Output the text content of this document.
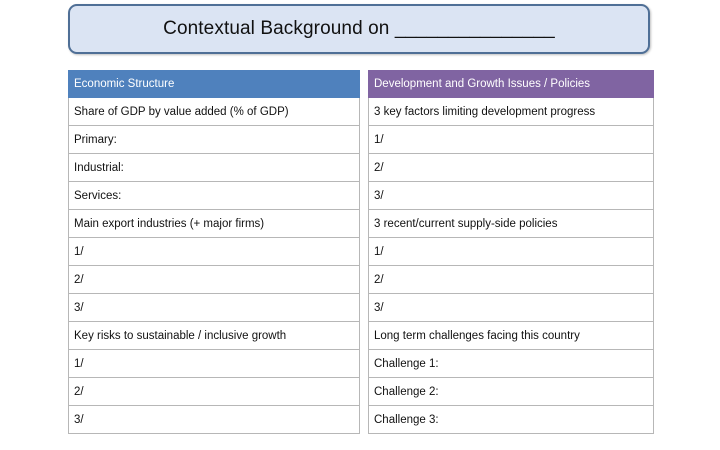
Contextual Background on _______________
Economic Structure	Development and Growth Issues / Policies
Share of GDP by value added (% of GDP)	3 key factors limiting development progress
Primary:	1/
Industrial:	2/
Services:	3/
Main export industries (+ major firms)	3 recent/current supply-side policies
1/	1/
2/	2/
3/	3/
Key risks to sustainable / inclusive growth	Long term challenges facing this country
1/	Challenge 1:
2/	Challenge 2:
3/	Challenge 3:
